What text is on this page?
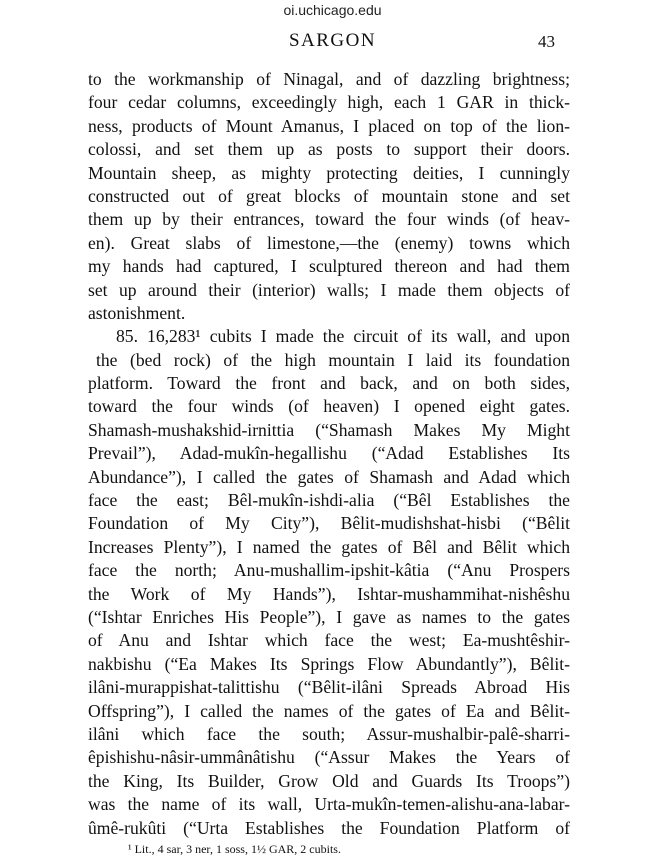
oi.uchicago.edu
SARGON	43
to the workmanship of Ninagal, and of dazzling brightness;
four cedar columns, exceedingly high, each 1 GAR in thick-
ness, products of Mount Amanus, I placed on top of the lion-
colossi, and set them up as posts to support their doors.
Mountain sheep, as mighty protecting deities, I cunningly
constructed out of great blocks of mountain stone and set
them up by their entrances, toward the four winds (of heav-
en). Great slabs of limestone,—the (enemy) towns which
my hands had captured, I sculptured thereon and had them
set up around their (interior) walls; I made them objects of
astonishment.
85. 16,283¹ cubits I made the circuit of its wall, and upon
the (bed rock) of the high mountain I laid its foundation
platform. Toward the front and back, and on both sides,
toward the four winds (of heaven) I opened eight gates.
Shamash-mushakshid-irnittia (“Shamash Makes My Might
Prevail”), Adad-mukîn-hegallishu (“Adad Establishes Its
Abundance”), I called the gates of Shamash and Adad which
face the east; Bêl-mukîn-ishdi-alia (“Bêl Establishes the
Foundation of My City”), Bêlit-mudishshat-hisbi (“Bêlit
Increases Plenty”), I named the gates of Bêl and Bêlit which
face the north; Anu-mushallim-ipshit-kâtia (“Anu Prospers
the Work of My Hands”), Ishtar-mushammihat-nishêshu
(“Ishtar Enriches His People”), I gave as names to the gates
of Anu and Ishtar which face the west; Ea-mushtêshir-
nakbishu (“Ea Makes Its Springs Flow Abundantly”), Bêlit-
ilâni-murappishat-talittishu (“Bêlit-ilâni Spreads Abroad His
Offspring”), I called the names of the gates of Ea and Bêlit-
ilâni which face the south; Assur-mushalbir-palê-sharri-
êpishishu-nâsir-ummânâtishu (“Assur Makes the Years of
the King, Its Builder, Grow Old and Guards Its Troops”)
was the name of its wall, Urta-mukîn-temen-alishu-ana-labar-
ûmê-rukûti (“Urta Establishes the Foundation Platform of
¹ Lit., 4 sar, 3 ner, 1 soss, 1½ GAR, 2 cubits.
